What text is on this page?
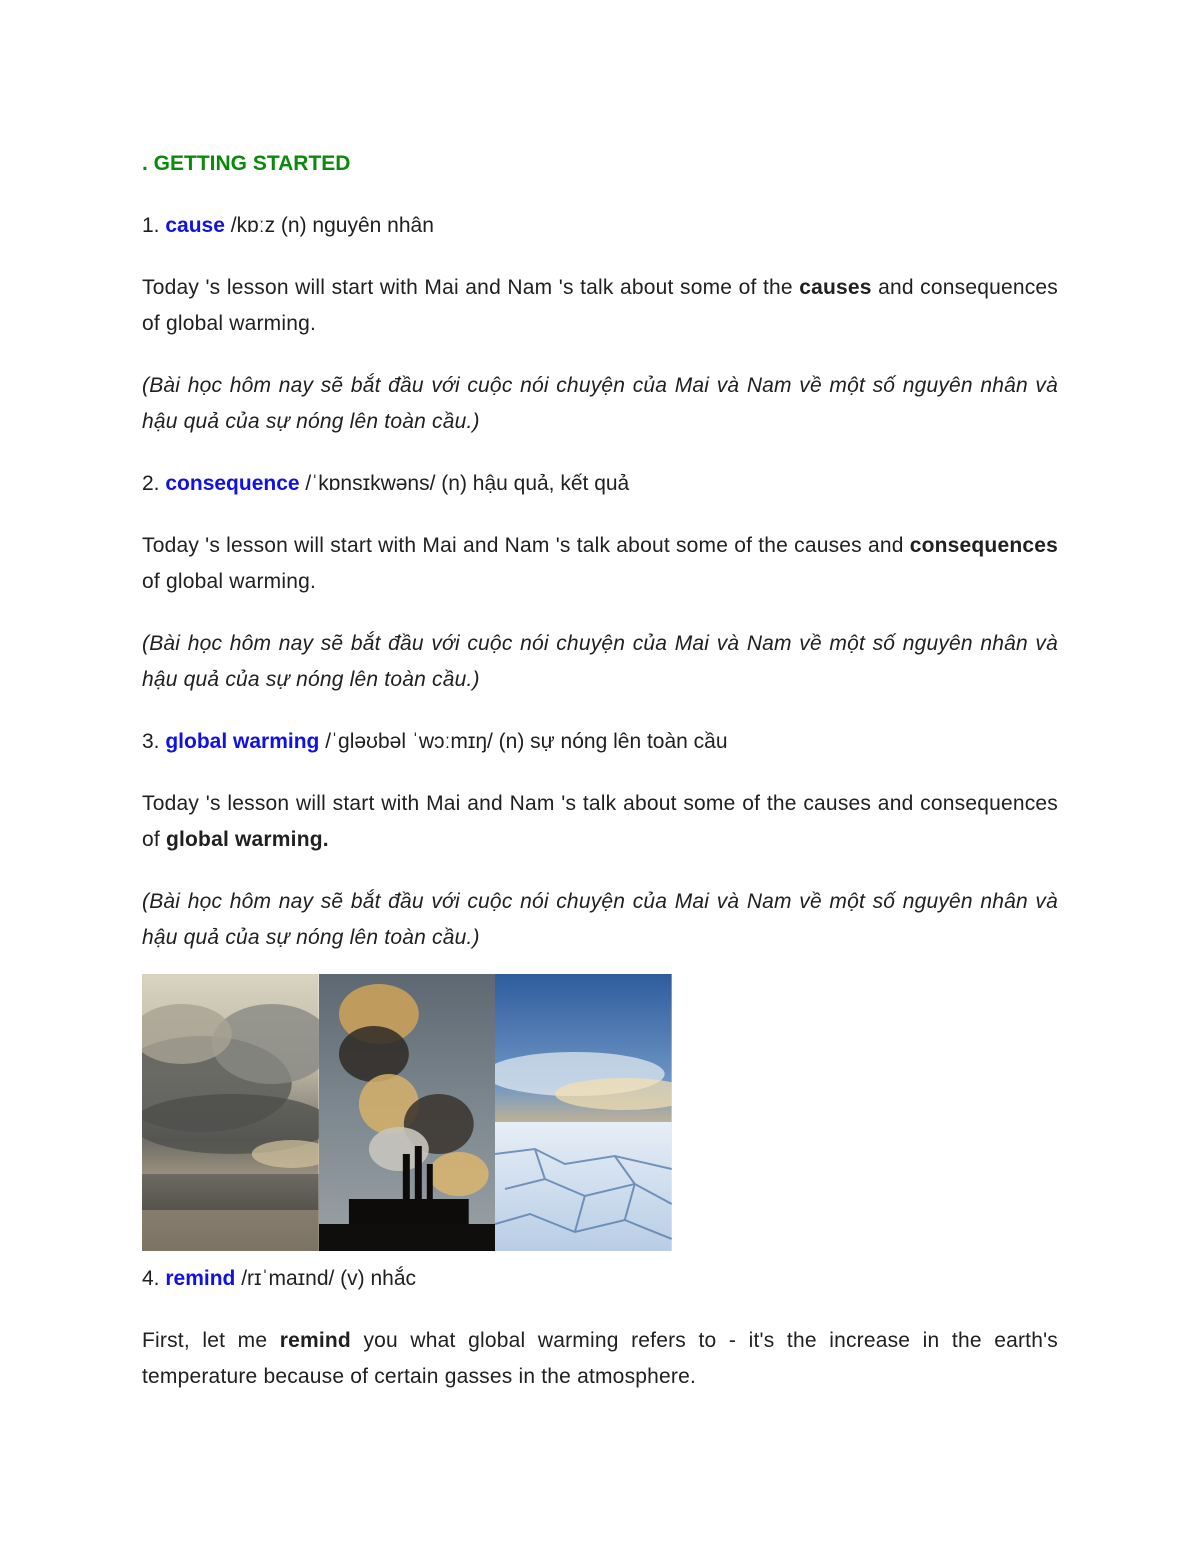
. GETTING STARTED
1. cause /kɒːz (n) nguyên nhân

Today 's lesson will start with Mai and Nam 's talk about some of the causes and consequences of global warming.

(Bài học hôm nay sẽ bắt đầu với cuộc nói chuyện của Mai và Nam về một số nguyên nhân và hậu quả của sự nóng lên toàn cầu.)

2. consequence /ˈkɒnsɪkwəns/ (n) hậu quả, kết quả

Today 's lesson will start with Mai and Nam 's talk about some of the causes and consequences of global warming.

(Bài học hôm nay sẽ bắt đầu với cuộc nói chuyện của Mai và Nam về một số nguyên nhân và hậu quả của sự nóng lên toàn cầu.)

3. global warming /ˈɡləʊbəl ˈwɔːmɪŋ/ (n) sự nóng lên toàn cầu

Today 's lesson will start with Mai and Nam 's talk about some of the causes and consequences of global warming.

(Bài học hôm nay sẽ bắt đầu với cuộc nói chuyện của Mai và Nam về một số nguyên nhân và hậu quả của sự nóng lên toàn cầu.)

4. remind /rɪˈmaɪnd/ (v) nhắc

First, let me remind you what global warming refers to - it's the increase in the earth's temperature because of certain gasses in the atmosphere.
